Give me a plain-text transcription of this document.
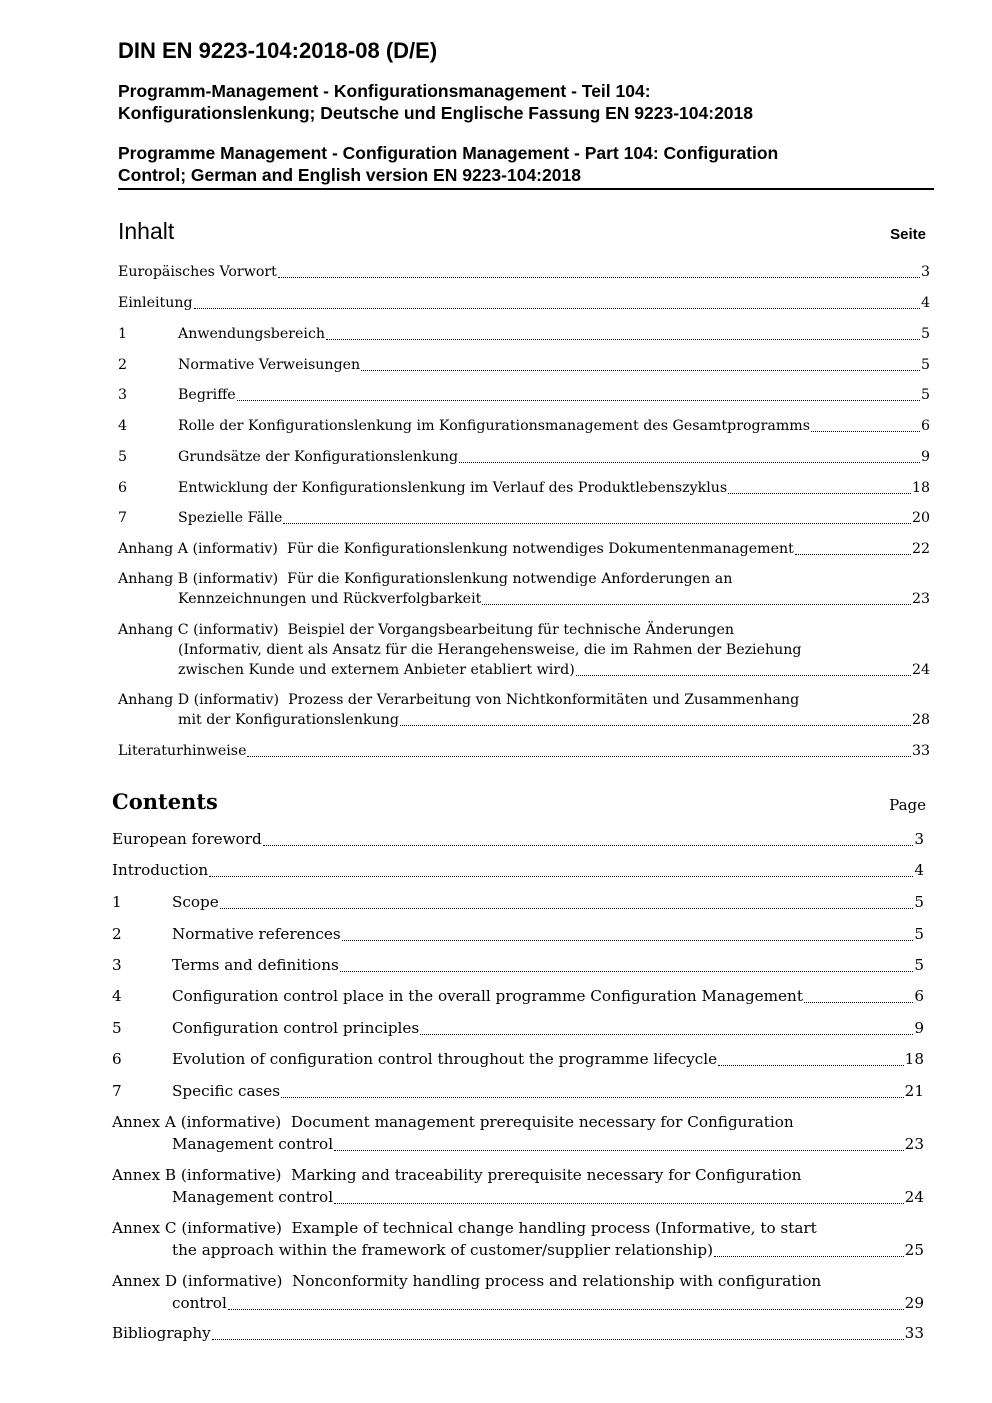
DIN EN 9223-104:2018-08 (D/E)
Programm-Management - Konfigurationsmanagement - Teil 104:
Konfigurationslenkung; Deutsche und Englische Fassung EN 9223-104:2018
Programme Management - Configuration Management - Part 104: Configuration
Control; German and English version EN 9223-104:2018
Inhalt	Seite
Europäisches Vorwort	3
Einleitung	4
1	Anwendungsbereich	5
2	Normative Verweisungen	5
3	Begriffe	5
4	Rolle der Konfigurationslenkung im Konfigurationsmanagement des Gesamtprogramms	6
5	Grundsätze der Konfigurationslenkung	9
6	Entwicklung der Konfigurationslenkung im Verlauf des Produktlebenszyklus	18
7	Spezielle Fälle	20
Anhang A (informativ) Für die Konfigurationslenkung notwendiges Dokumentenmanagement	22
Anhang B (informativ) Für die Konfigurationslenkung notwendige Anforderungen an
Kennzeichnungen und Rückverfolgbarkeit	23
Anhang C (informativ) Beispiel der Vorgangsbearbeitung für technische Änderungen
(Informativ, dient als Ansatz für die Herangehensweise, die im Rahmen der Beziehung
zwischen Kunde und externem Anbieter etabliert wird)	24
Anhang D (informativ) Prozess der Verarbeitung von Nichtkonformitäten und Zusammenhang
mit der Konfigurationslenkung	28
Literaturhinweise	33
Contents	Page
European foreword	3
Introduction	4
1	Scope	5
2	Normative references	5
3	Terms and definitions	5
4	Configuration control place in the overall programme Configuration Management	6
5	Configuration control principles	9
6	Evolution of configuration control throughout the programme lifecycle	18
7	Specific cases	21
Annex A (informative) Document management prerequisite necessary for Configuration
Management control	23
Annex B (informative) Marking and traceability prerequisite necessary for Configuration
Management control	24
Annex C (informative) Example of technical change handling process (Informative, to start
the approach within the framework of customer/supplier relationship)	25
Annex D (informative) Nonconformity handling process and relationship with configuration
control	29
Bibliography	33
